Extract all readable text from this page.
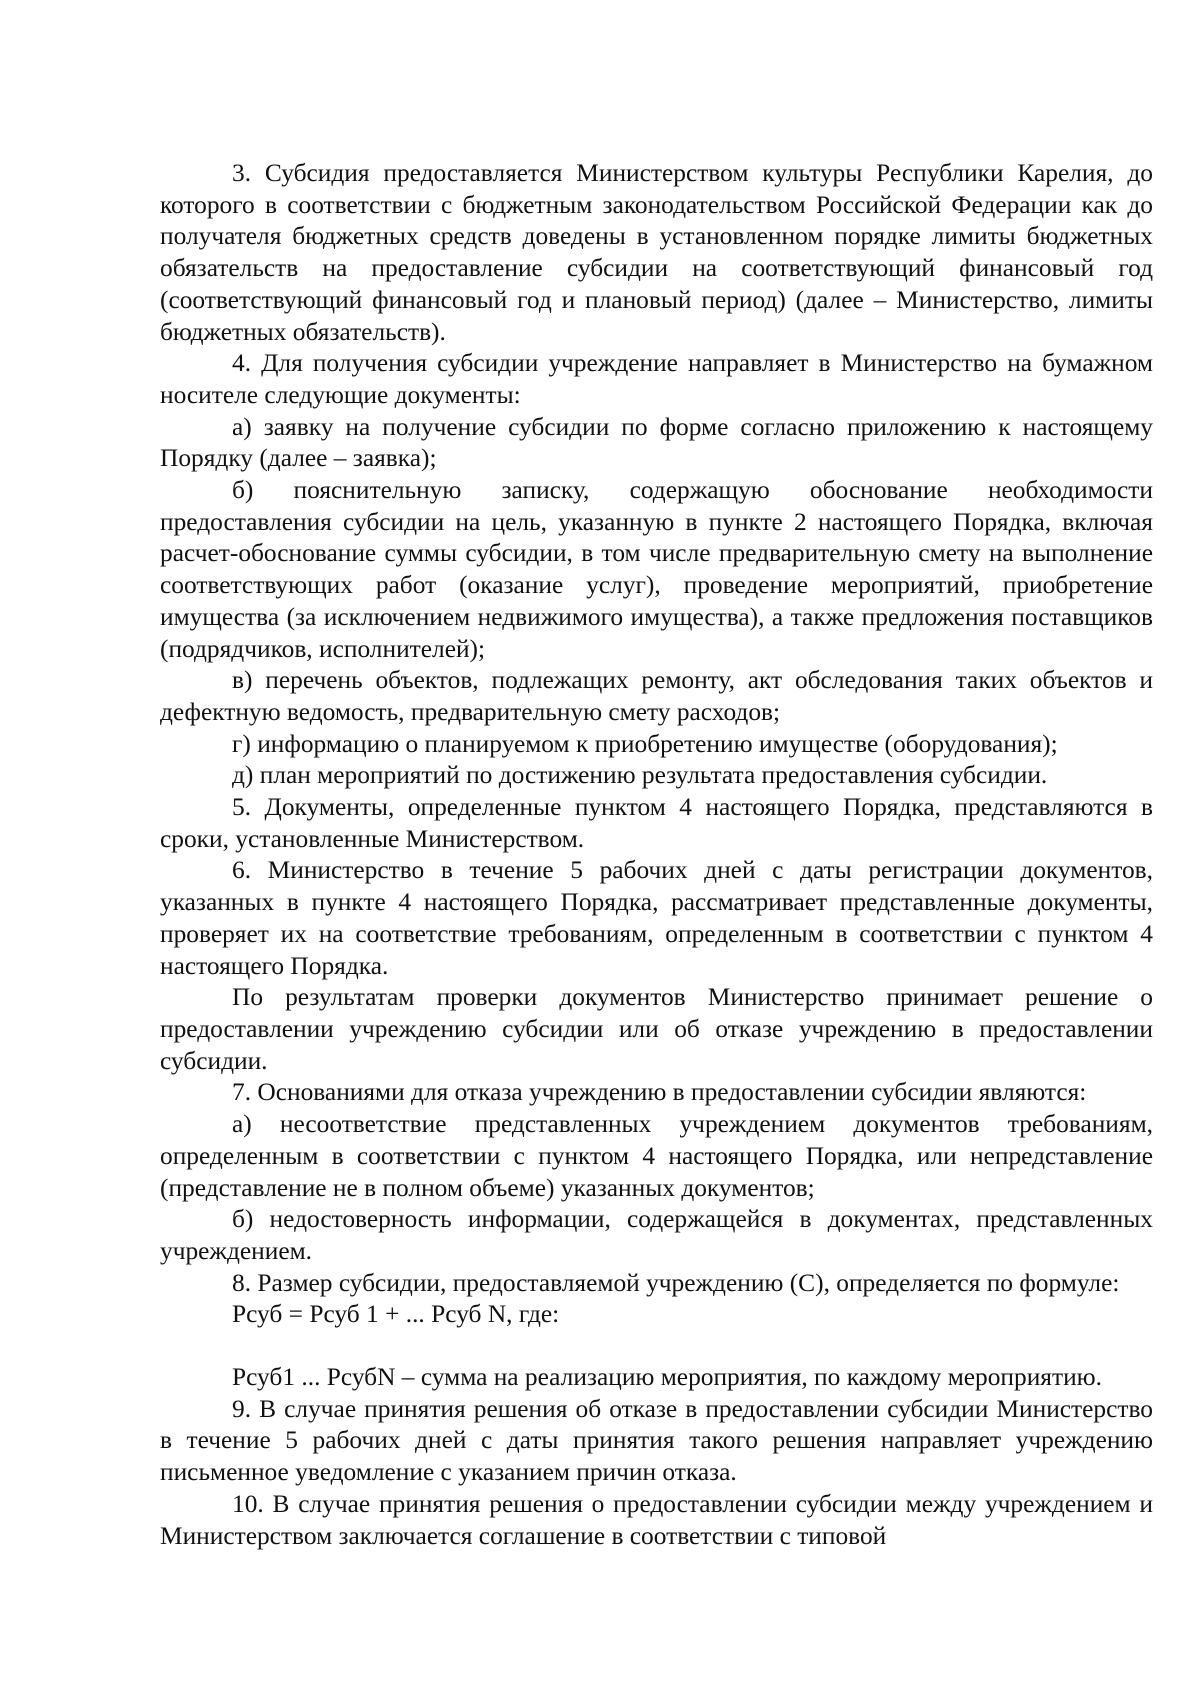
3. Субсидия предоставляется Министерством культуры Республики Карелия, до которого в соответствии с бюджетным законодательством Российской Федерации как до получателя бюджетных средств доведены в установленном порядке лимиты бюджетных обязательств на предоставление субсидии на соответствующий финансовый год (соответствующий финансовый год и плановый период) (далее – Министерство, лимиты бюджетных обязательств).

4. Для получения субсидии учреждение направляет в Министерство на бумажном носителе следующие документы:

а) заявку на получение субсидии по форме согласно приложению к настоящему Порядку (далее – заявка);

б) пояснительную записку, содержащую обоснование необходимости предоставления субсидии на цель, указанную в пункте 2 настоящего Порядка, включая расчет-обоснование суммы субсидии, в том числе предварительную смету на выполнение соответствующих работ (оказание услуг), проведение мероприятий, приобретение имущества (за исключением недвижимого имущества), а также предложения поставщиков (подрядчиков, исполнителей);

в) перечень объектов, подлежащих ремонту, акт обследования таких объектов и дефектную ведомость, предварительную смету расходов;

г) информацию о планируемом к приобретению имуществе (оборудования);

д) план мероприятий по достижению результата предоставления субсидии.

5. Документы, определенные пунктом 4 настоящего Порядка, представляются в сроки, установленные Министерством.

6. Министерство в течение 5 рабочих дней с даты регистрации документов, указанных в пункте 4 настоящего Порядка, рассматривает представленные документы, проверяет их на соответствие требованиям, определенным в соответствии с пунктом 4 настоящего Порядка.

По результатам проверки документов Министерство принимает решение о предоставлении учреждению субсидии или об отказе учреждению в предоставлении субсидии.

7. Основаниями для отказа учреждению в предоставлении субсидии являются:

а) несоответствие представленных учреждением документов требованиям, определенным в соответствии с пунктом 4 настоящего Порядка, или непредставление (представление не в полном объеме) указанных документов;

б) недостоверность информации, содержащейся в документах, представленных учреждением.

8. Размер субсидии, предоставляемой учреждению (С), определяется по формуле:

Рсуб = Рсуб 1 + ... Рсуб N, где:

Рсуб1 ... РсубN – сумма на реализацию мероприятия, по каждому мероприятию.

9. В случае принятия решения об отказе в предоставлении субсидии Министерство в течение 5 рабочих дней с даты принятия такого решения направляет учреждению письменное уведомление с указанием причин отказа.

10. В случае принятия решения о предоставлении субсидии между учреждением и Министерством заключается соглашение в соответствии с типовой
